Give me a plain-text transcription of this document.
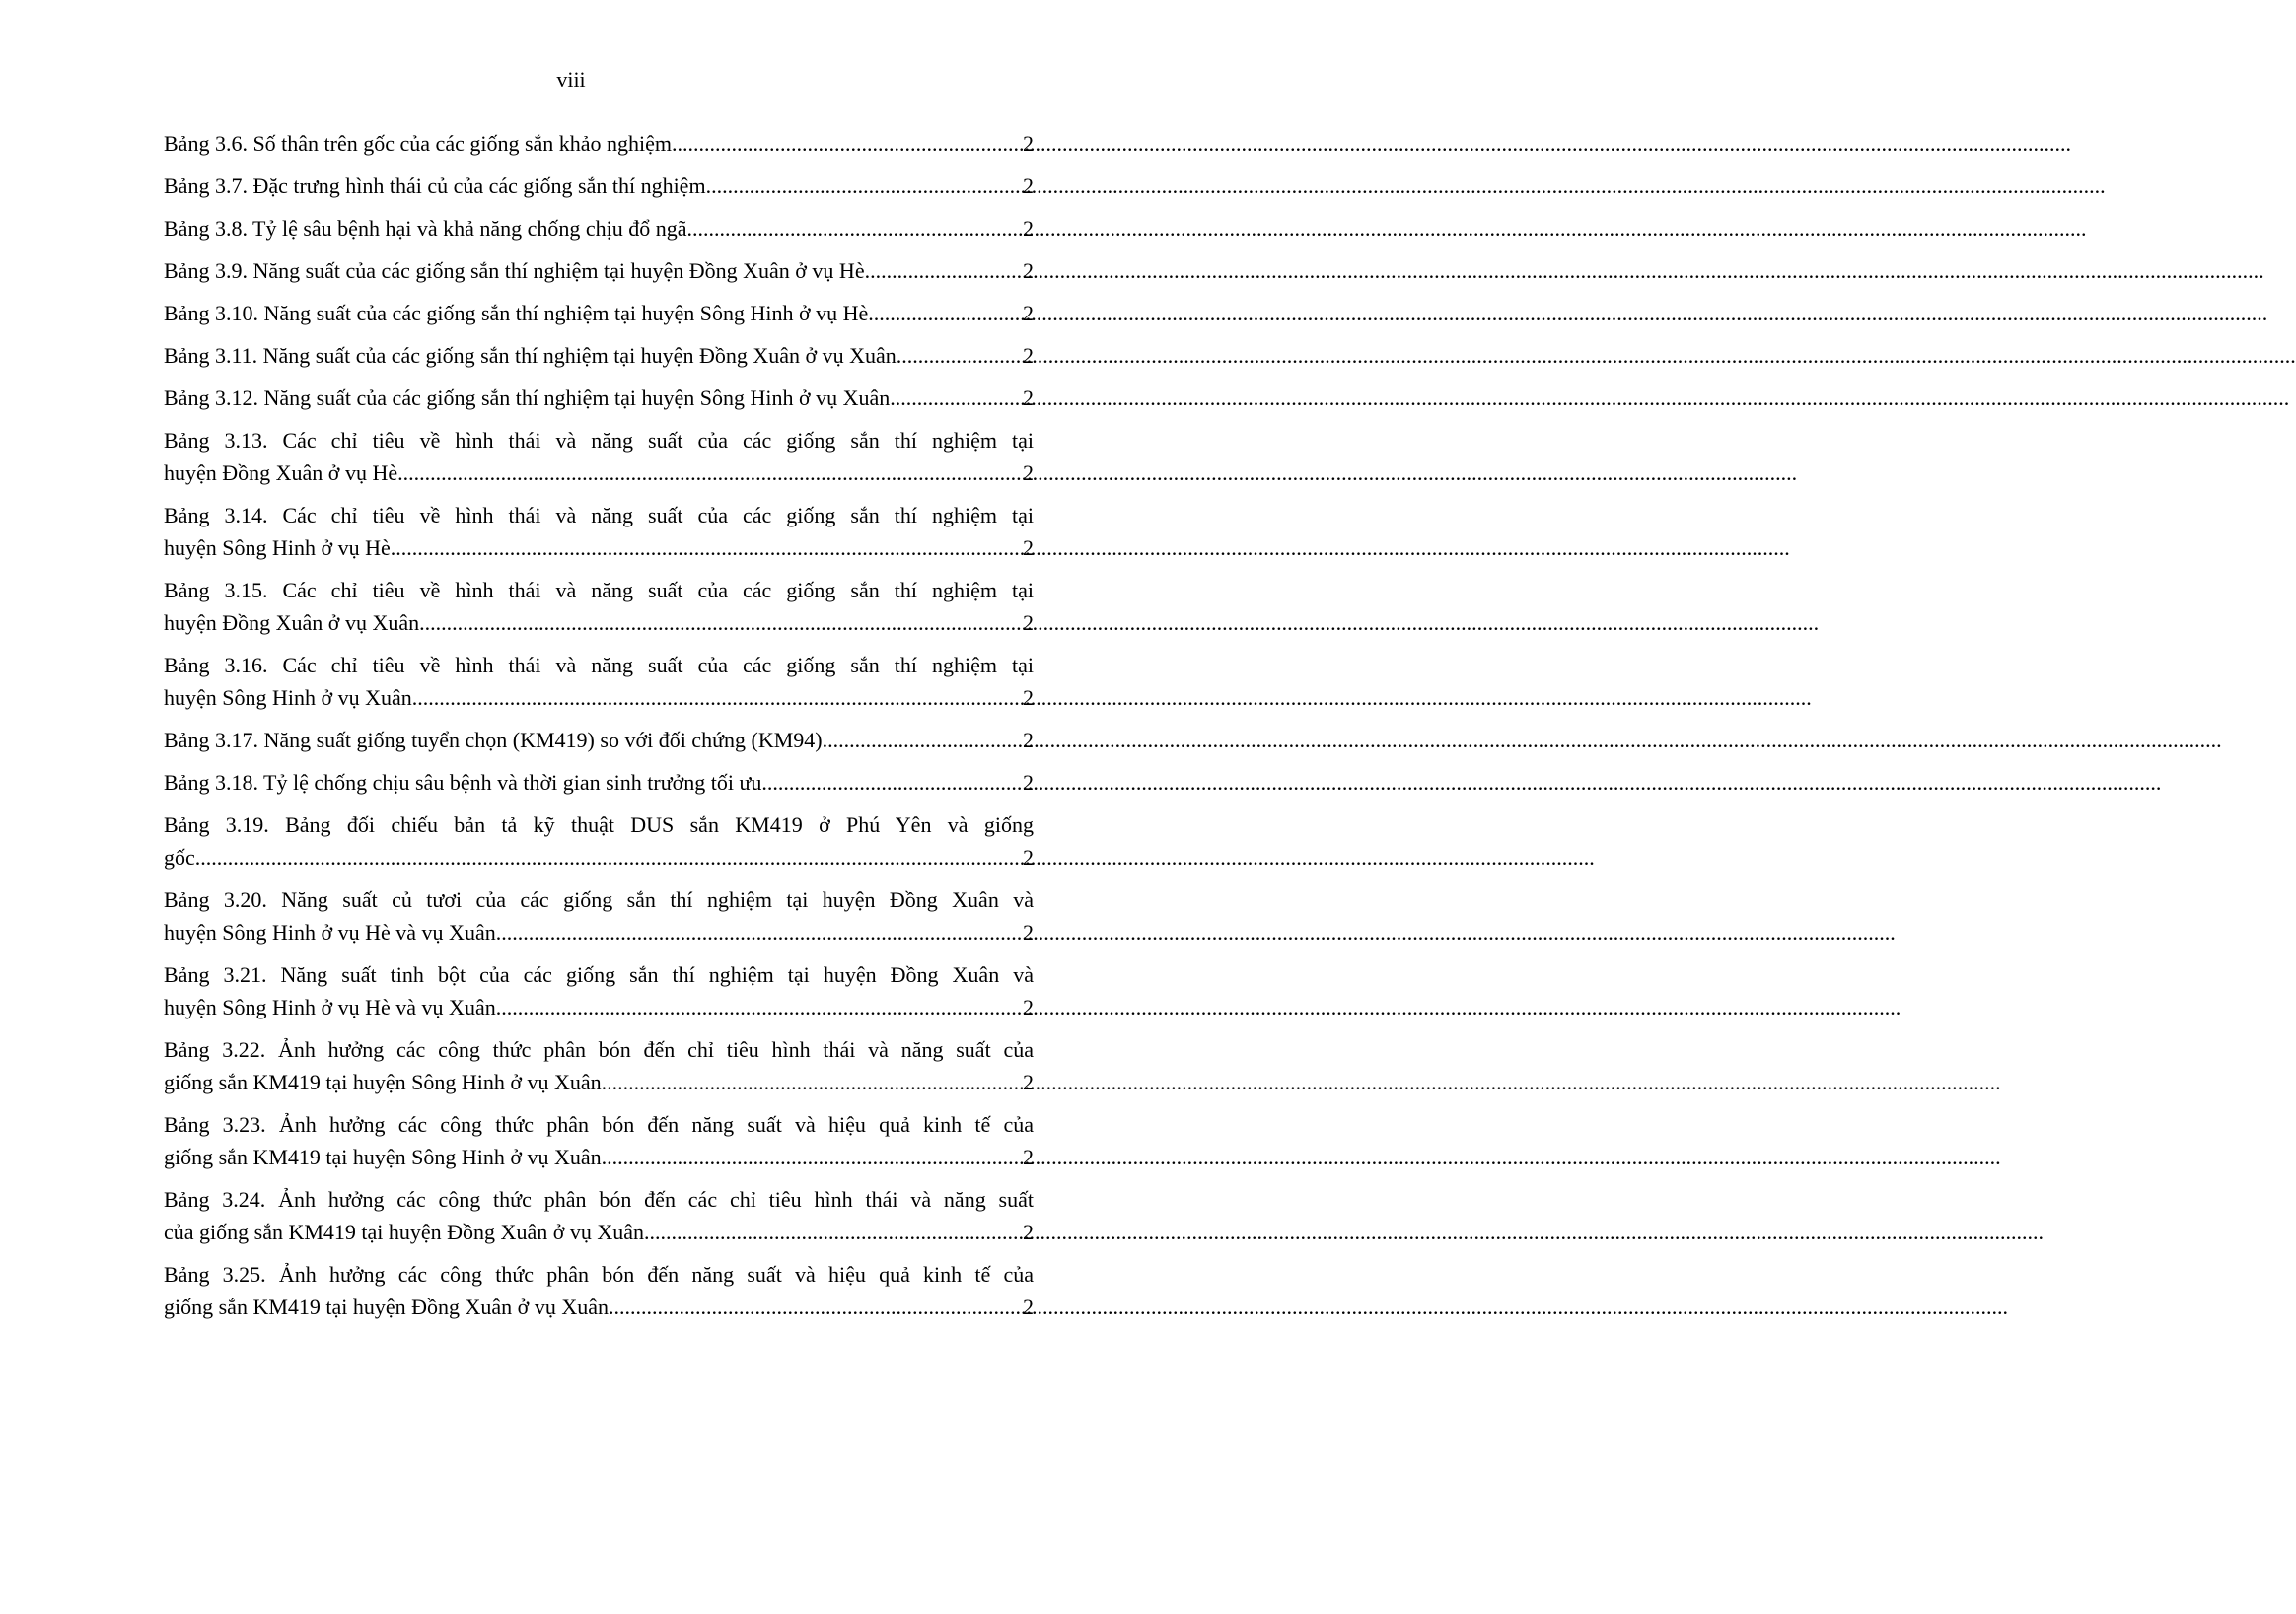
viii
Bảng 3.6. Số thân trên gốc của các giống sắn khảo nghiệm .....	2
Bảng 3.7. Đặc trưng hình thái củ của các giống sắn thí nghiệm .....	2
Bảng 3.8. Tỷ lệ sâu bệnh hại và khả năng chống chịu đổ ngã .....	2
Bảng 3.9. Năng suất của các giống sắn thí nghiệm tại huyện Đồng Xuân ở vụ Hè .....	2
Bảng 3.10. Năng suất của các giống sắn thí nghiệm tại huyện Sông Hinh ở vụ Hè .....	2
Bảng 3.11. Năng suất của các giống sắn thí nghiệm tại huyện Đồng Xuân ở vụ Xuân .....	2
Bảng 3.12. Năng suất của các giống sắn thí nghiệm tại huyện Sông Hinh ở vụ Xuân .....	2
Bảng 3.13. Các chỉ tiêu về hình thái và năng suất của các giống sắn thí nghiệm tại
huyện Đồng Xuân ở vụ Hè .....	2
Bảng 3.14. Các chỉ tiêu về hình thái và năng suất của các giống sắn thí nghiệm tại
huyện Sông Hinh ở vụ Hè .....	2
Bảng 3.15. Các chỉ tiêu về hình thái và năng suất của các giống sắn thí nghiệm tại
huyện Đồng Xuân ở vụ Xuân .....	2
Bảng 3.16. Các chỉ tiêu về hình thái và năng suất của các giống sắn thí nghiệm tại
huyện Sông Hinh ở vụ Xuân .....	2
Bảng 3.17. Năng suất giống tuyển chọn (KM419) so với đối chứng (KM94) .....	2
Bảng 3.18. Tỷ lệ chống chịu sâu bệnh và thời gian sinh trưởng tối ưu .....	2
Bảng 3.19. Bảng đối chiếu bản tả kỹ thuật DUS sắn KM419 ở Phú Yên và giống
gốc .....	2
Bảng 3.20. Năng suất củ tươi của các giống sắn thí nghiệm tại huyện Đồng Xuân và
huyện Sông Hinh ở vụ Hè và vụ Xuân .....	2
Bảng 3.21. Năng suất tinh bột của các giống sắn thí nghiệm tại huyện Đồng Xuân và
huyện Sông Hinh ở vụ Hè và vụ Xuân. .....	2
Bảng 3.22. Ảnh hưởng các công thức phân bón đến chỉ tiêu hình thái và năng suất của
giống sắn KM419 tại huyện Sông Hinh ở vụ Xuân .....	2
Bảng 3.23. Ảnh hưởng các công thức phân bón đến năng suất và hiệu quả kinh tế của
giống sắn KM419 tại huyện Sông Hinh ở vụ Xuân .....	2
Bảng 3.24. Ảnh hưởng các công thức phân bón đến các chỉ tiêu hình thái và năng suất
của giống sắn KM419 tại huyện Đồng Xuân ở vụ Xuân .....	2
Bảng 3.25. Ảnh hưởng các công thức phân bón đến năng suất và hiệu quả kinh tế của
giống sắn KM419 tại huyện Đồng Xuân ở vụ Xuân .....	2
